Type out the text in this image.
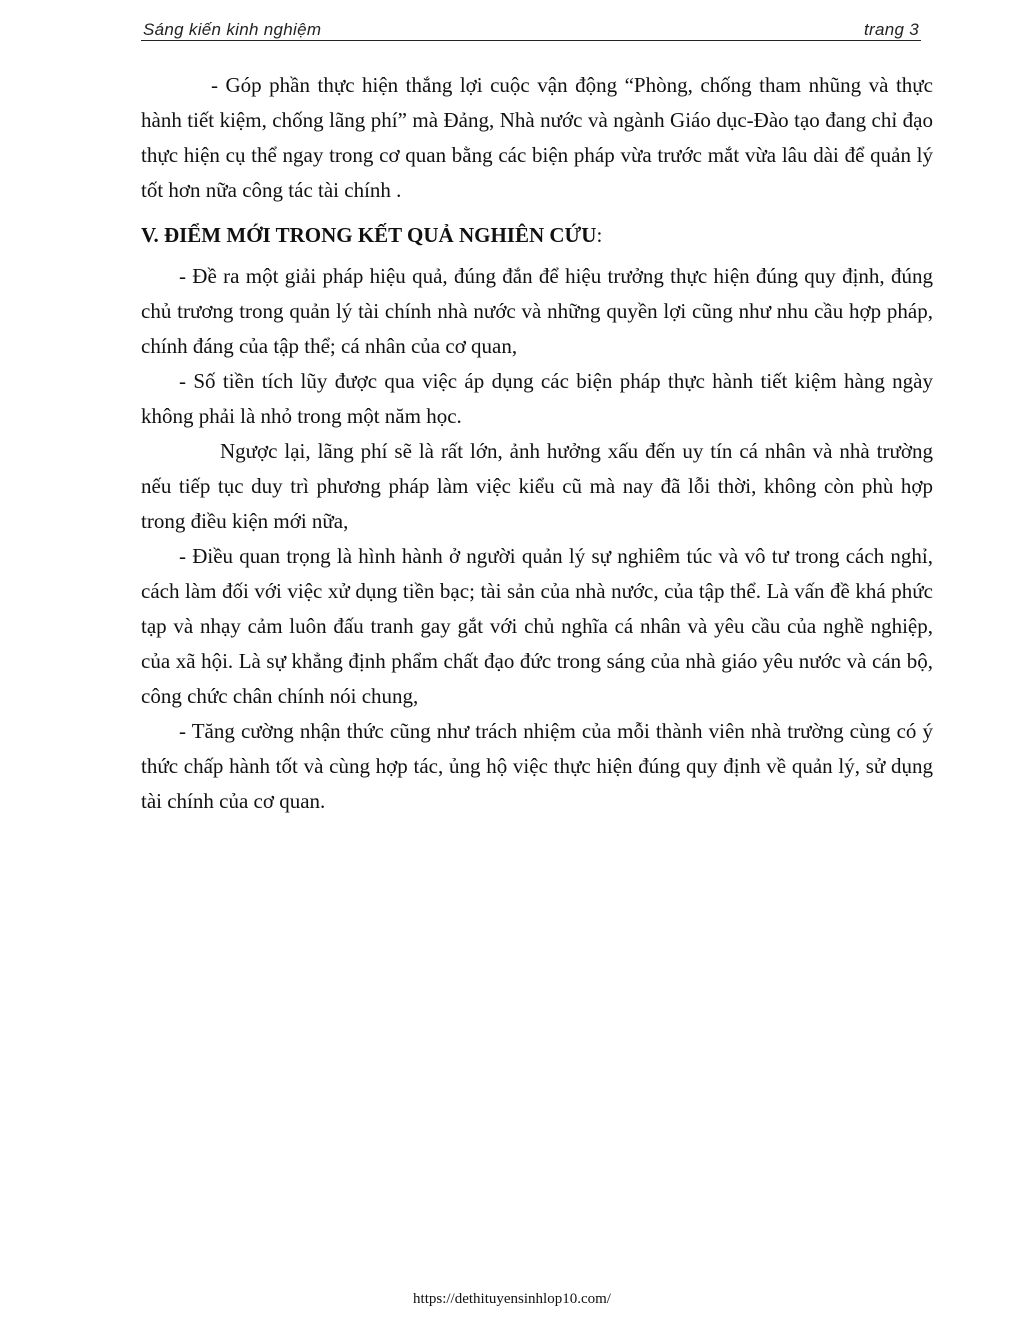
Sáng kiến kinh nghiệm	trang 3

- Góp phần thực hiện thắng lợi cuộc vận động “Phòng, chống tham nhũng và thực hành tiết kiệm, chống lãng phí” mà Đảng, Nhà nước và ngành Giáo dục-Đào tạo đang chỉ đạo thực hiện cụ thể ngay trong cơ quan bằng các biện pháp vừa trước mắt vừa lâu dài để quản lý tốt hơn nữa công tác tài chính .

V. ĐIỂM MỚI TRONG KẾT QUẢ NGHIÊN CỨU:

- Đề ra một giải pháp hiệu quả, đúng đắn để hiệu trưởng thực hiện đúng quy định, đúng chủ trương trong quản lý tài chính nhà nước và những quyền lợi cũng như nhu cầu hợp pháp, chính đáng của tập thể; cá nhân của cơ quan,

- Số tiền tích lũy được qua việc áp dụng các biện pháp thực hành tiết kiệm hàng ngày không phải là nhỏ trong một năm học.

Ngược lại, lãng phí sẽ là rất lớn, ảnh hưởng xấu đến uy tín cá nhân và nhà trường nếu tiếp tục duy trì phương pháp làm việc kiểu cũ mà nay đã lỗi thời, không còn phù hợp trong điều kiện mới nữa,

- Điều quan trọng là hình hành ở người quản lý sự nghiêm túc và vô tư trong cách nghỉ, cách làm đối với việc xử dụng tiền bạc; tài sản của nhà nước, của tập thể. Là vấn đề khá phức tạp và nhạy cảm luôn đấu tranh gay gắt với chủ nghĩa cá nhân và yêu cầu của nghề nghiệp, của xã hội. Là sự khẳng định phẩm chất đạo đức trong sáng của nhà giáo yêu nước và cán bộ, công chức chân chính nói chung,

- Tăng cường nhận thức cũng như trách nhiệm của mỗi thành viên nhà trường cùng có ý thức chấp hành tốt và cùng hợp tác, ủng hộ việc thực hiện đúng quy định về quản lý, sử dụng tài chính của cơ quan.

https://dethituyensinhlop10.com/
